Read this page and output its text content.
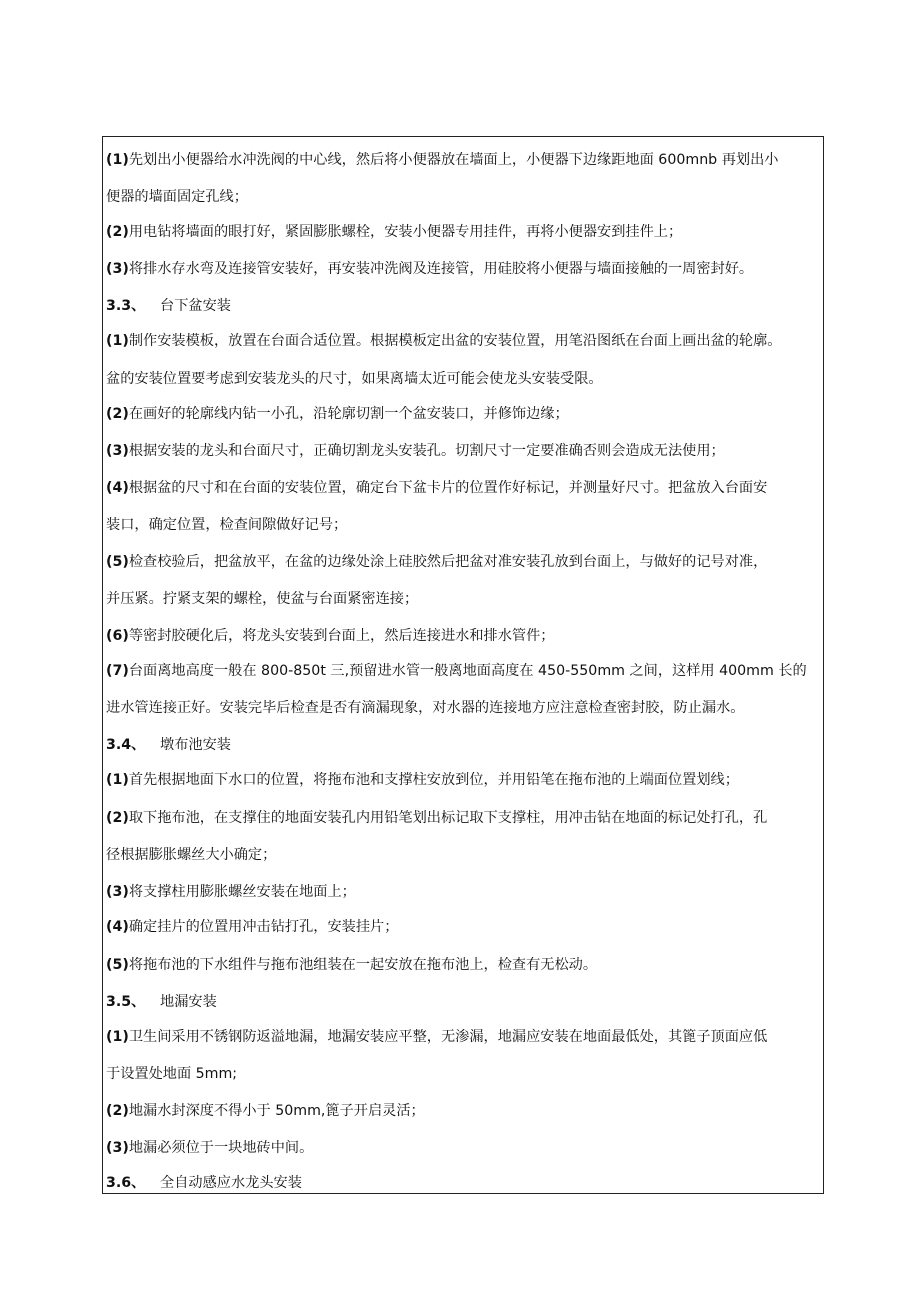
(1)先划出小便器给水冲洗阀的中心线，然后将小便器放在墙面上，小便器下边缘距地面 600mnb 再划出小
便器的墙面固定孔线；
(2)用电钻将墙面的眼打好，紧固膨胀螺栓，安装小便器专用挂件，再将小便器安到挂件上；
(3)将排水存水弯及连接管安装好，再安装冲洗阀及连接管，用硅胶将小便器与墙面接触的一周密封好。
3.3、 台下盆安装
(1)制作安装模板，放置在台面合适位置。根据模板定出盆的安装位置，用笔沿图纸在台面上画出盆的轮廓。
盆的安装位置要考虑到安装龙头的尺寸，如果离墙太近可能会使龙头安装受限。
(2)在画好的轮廓线内钻一小孔，沿轮廓切割一个盆安装口，并修饰边缘；
(3)根据安装的龙头和台面尺寸，正确切割龙头安装孔。切割尺寸一定要准确否则会造成无法使用；
(4)根据盆的尺寸和在台面的安装位置，确定台下盆卡片的位置作好标记，并测量好尺寸。把盆放入台面安
装口，确定位置，检查间隙做好记号；
(5)检查校验后，把盆放平，在盆的边缘处涂上硅胶然后把盆对准安装孔放到台面上，与做好的记号对准，
并压紧。拧紧支架的螺栓，使盆与台面紧密连接；
(6)等密封胶硬化后，将龙头安装到台面上，然后连接进水和排水管件；
(7)台面离地高度一般在 800-850t 三,预留进水管一般离地面高度在 450-550mm 之间，这样用 400mm 长的
进水管连接正好。安装完毕后检查是否有滴漏现象，对水器的连接地方应注意检查密封胶，防止漏水。
3.4、 墩布池安装
(1)首先根据地面下水口的位置，将拖布池和支撑柱安放到位，并用铅笔在拖布池的上端面位置划线；
(2)取下拖布池，在支撑住的地面安装孔内用铅笔划出标记取下支撑柱，用冲击钻在地面的标记处打孔，孔
径根据膨胀螺丝大小确定；
(3)将支撑柱用膨胀螺丝安装在地面上；
(4)确定挂片的位置用冲击钻打孔，安装挂片；
(5)将拖布池的下水组件与拖布池组装在一起安放在拖布池上，检查有无松动。
3.5、 地漏安装
(1)卫生间采用不锈钢防返溢地漏，地漏安装应平整，无渗漏，地漏应安装在地面最低处，其篦子顶面应低
于设置处地面 5mm;
(2)地漏水封深度不得小于 50mm,篦子开启灵活；
(3)地漏必须位于一块地砖中间。
3.6、 全自动感应水龙头安装
